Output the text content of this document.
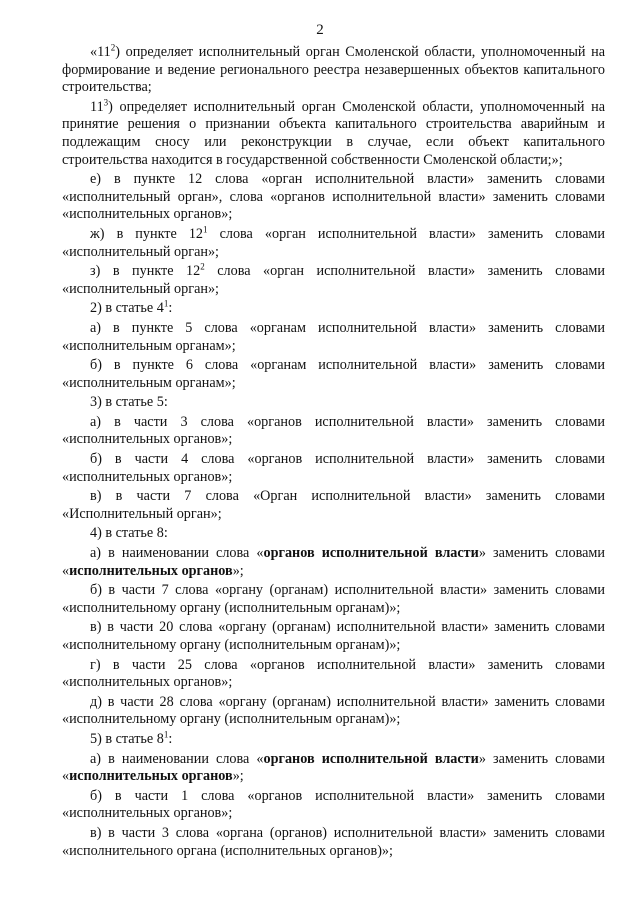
2

«$11^2$) определяет исполнительный орган Смоленской области, уполномоченный на формирование и ведение регионального реестра незавершенных объектов капитального строительства;

$11^3$) определяет исполнительный орган Смоленской области, уполномоченный на принятие решения о признании объекта капитального строительства аварийным и подлежащим сносу или реконструкции в случае, если объект капитального строительства находится в государственной собственности Смоленской области;»;

е) в пункте 12 слова «орган исполнительной власти» заменить словами «исполнительный орган», слова «органов исполнительной власти» заменить словами «исполнительных органов»;

ж) в пункте $12^1$ слова «орган исполнительной власти» заменить словами «исполнительный орган»;

з) в пункте $12^2$ слова «орган исполнительной власти» заменить словами «исполнительный орган»;

2) в статье $4^1$:

а) в пункте 5 слова «органам исполнительной власти» заменить словами «исполнительным органам»;

б) в пункте 6 слова «органам исполнительной власти» заменить словами «исполнительным органам»;

3) в статье 5:

а) в части 3 слова «органов исполнительной власти» заменить словами «исполнительных органов»;

б) в части 4 слова «органов исполнительной власти» заменить словами «исполнительных органов»;

в) в части 7 слова «Орган исполнительной власти» заменить словами «Исполнительный орган»;

4) в статье 8:

а) в наименовании слова «органов исполнительной власти» заменить словами «исполнительных органов»;

б) в части 7 слова «органу (органам) исполнительной власти» заменить словами «исполнительному органу (исполнительным органам)»;

в) в части 20 слова «органу (органам) исполнительной власти» заменить словами «исполнительному органу (исполнительным органам)»;

г) в части 25 слова «органов исполнительной власти» заменить словами «исполнительных органов»;

д) в части 28 слова «органу (органам) исполнительной власти» заменить словами «исполнительному органу (исполнительным органам)»;

5) в статье $8^1$:

а) в наименовании слова «органов исполнительной власти» заменить словами «исполнительных органов»;

б) в части 1 слова «органов исполнительной власти» заменить словами «исполнительных органов»;

в) в части 3 слова «органа (органов) исполнительной власти» заменить словами «исполнительного органа (исполнительных органов)»;
